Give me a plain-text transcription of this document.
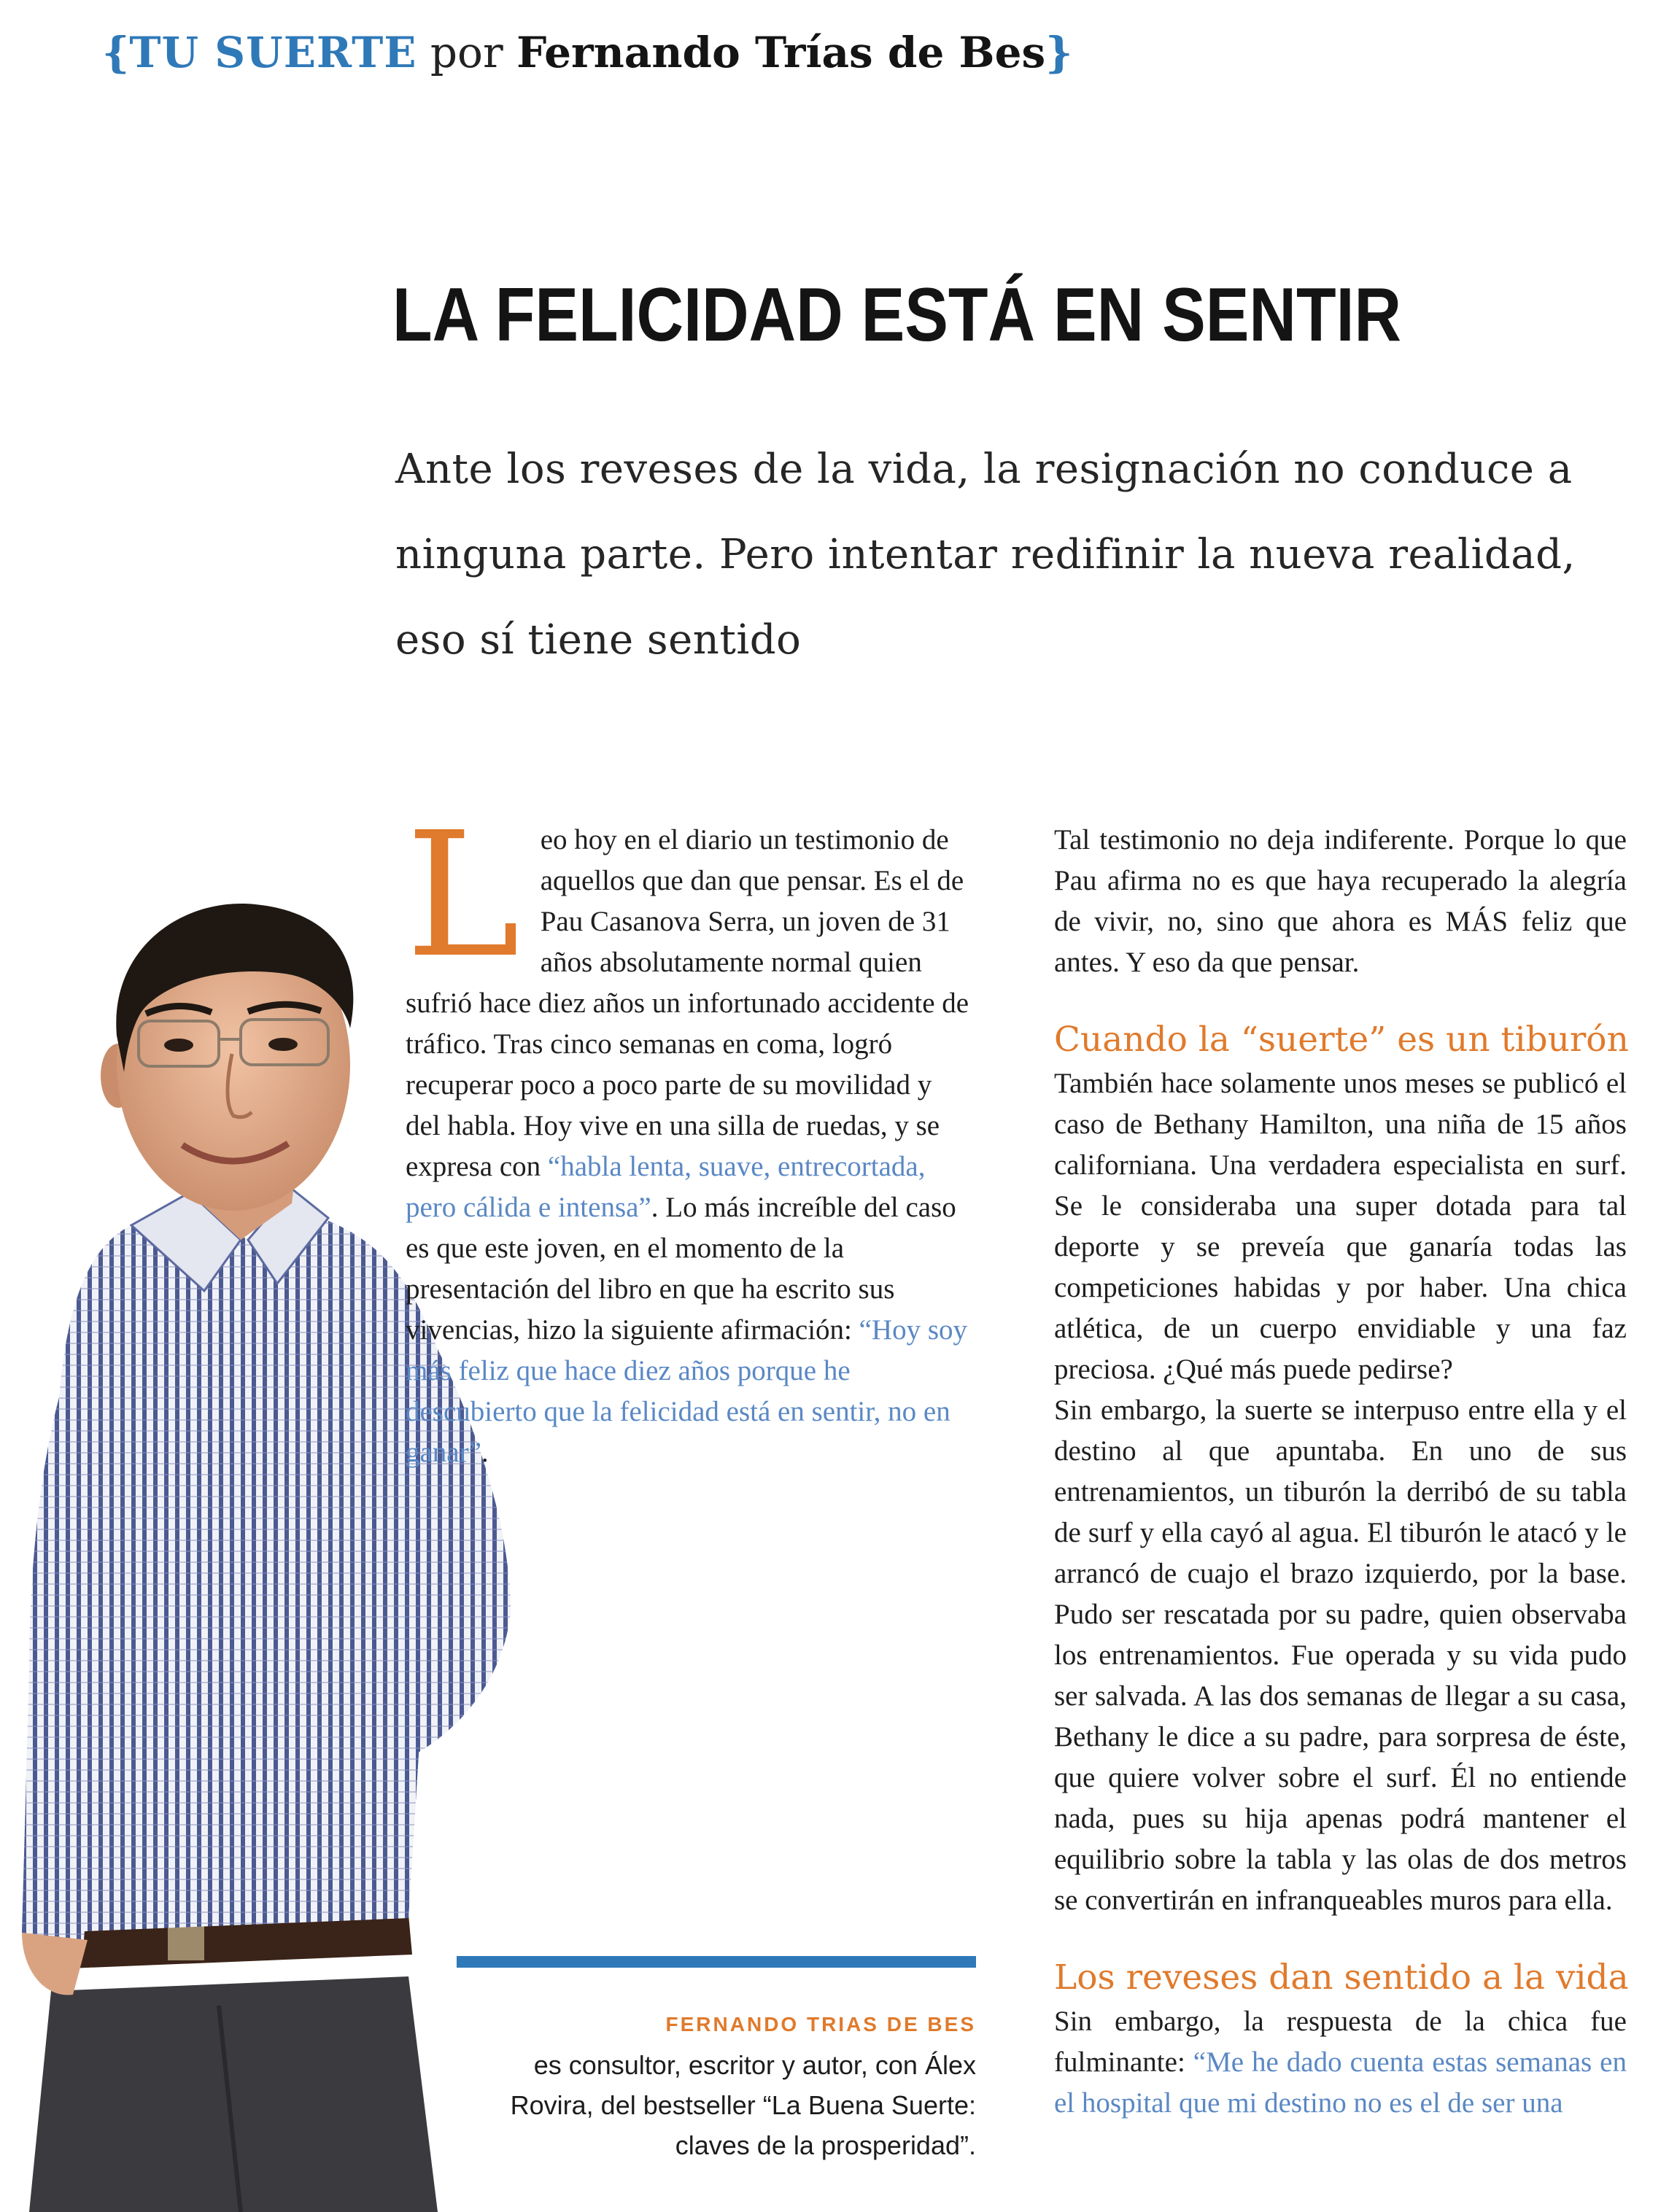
{TU SUERTE por Fernando Trías de Bes}
LA FELICIDAD ESTÁ EN SENTIR
Ante los reveses de la vida, la resignación no conduce a ninguna parte. Pero intentar redifinir la nueva realidad, eso sí tiene sentido

Leo hoy en el diario un testimonio de aquellos que dan que pensar. Es el de Pau Casanova Serra, un joven de 31 años absolutamente normal quien sufrió hace diez años un infortunado accidente de tráfico. Tras cinco semanas en coma, logró recuperar poco a poco parte de su movilidad y del habla. Hoy vive en una silla de ruedas, y se expresa con “habla lenta, suave, entrecortada, pero cálida e intensa”. Lo más increíble del caso es que este joven, en el momento de la presentación del libro en que ha escrito sus vivencias, hizo la siguiente afirmación: “Hoy soy más feliz que hace diez años porque he descubierto que la felicidad está en sentir, no en ganar”.

Tal testimonio no deja indiferente. Porque lo que Pau afirma no es que haya recuperado la alegría de vivir, no, sino que ahora es MÁS feliz que antes. Y eso da que pensar.

Cuando la “suerte” es un tiburón

También hace solamente unos meses se publicó el caso de Bethany Hamilton, una niña de 15 años californiana. Una verdadera especialista en surf. Se le consideraba una super dotada para tal deporte y se preveía que ganaría todas las competiciones habidas y por haber. Una chica atlética, de un cuerpo envidiable y una faz preciosa. ¿Qué más puede pedirse?

Sin embargo, la suerte se interpuso entre ella y el destino al que apuntaba. En uno de sus entrenamientos, un tiburón la derribó de su tabla de surf y ella cayó al agua. El tiburón le atacó y le arrancó de cuajo el brazo izquierdo, por la base. Pudo ser rescatada por su padre, quien observaba los entrenamientos. Fue operada y su vida pudo ser salvada. A las dos semanas de llegar a su casa, Bethany le dice a su padre, para sorpresa de éste, que quiere volver sobre el surf. Él no entiende nada, pues su hija apenas podrá mantener el equilibrio sobre la tabla y las olas de dos metros se convertirán en infranqueables muros para ella.

Los reveses dan sentido a la vida

Sin embargo, la respuesta de la chica fue fulminante: “Me he dado cuenta estas semanas en el hospital que mi destino no es el de ser una

FERNANDO TRIAS DE BES
es consultor, escritor y autor, con Álex Rovira, del bestseller “La Buena Suerte: claves de la prosperidad”.
